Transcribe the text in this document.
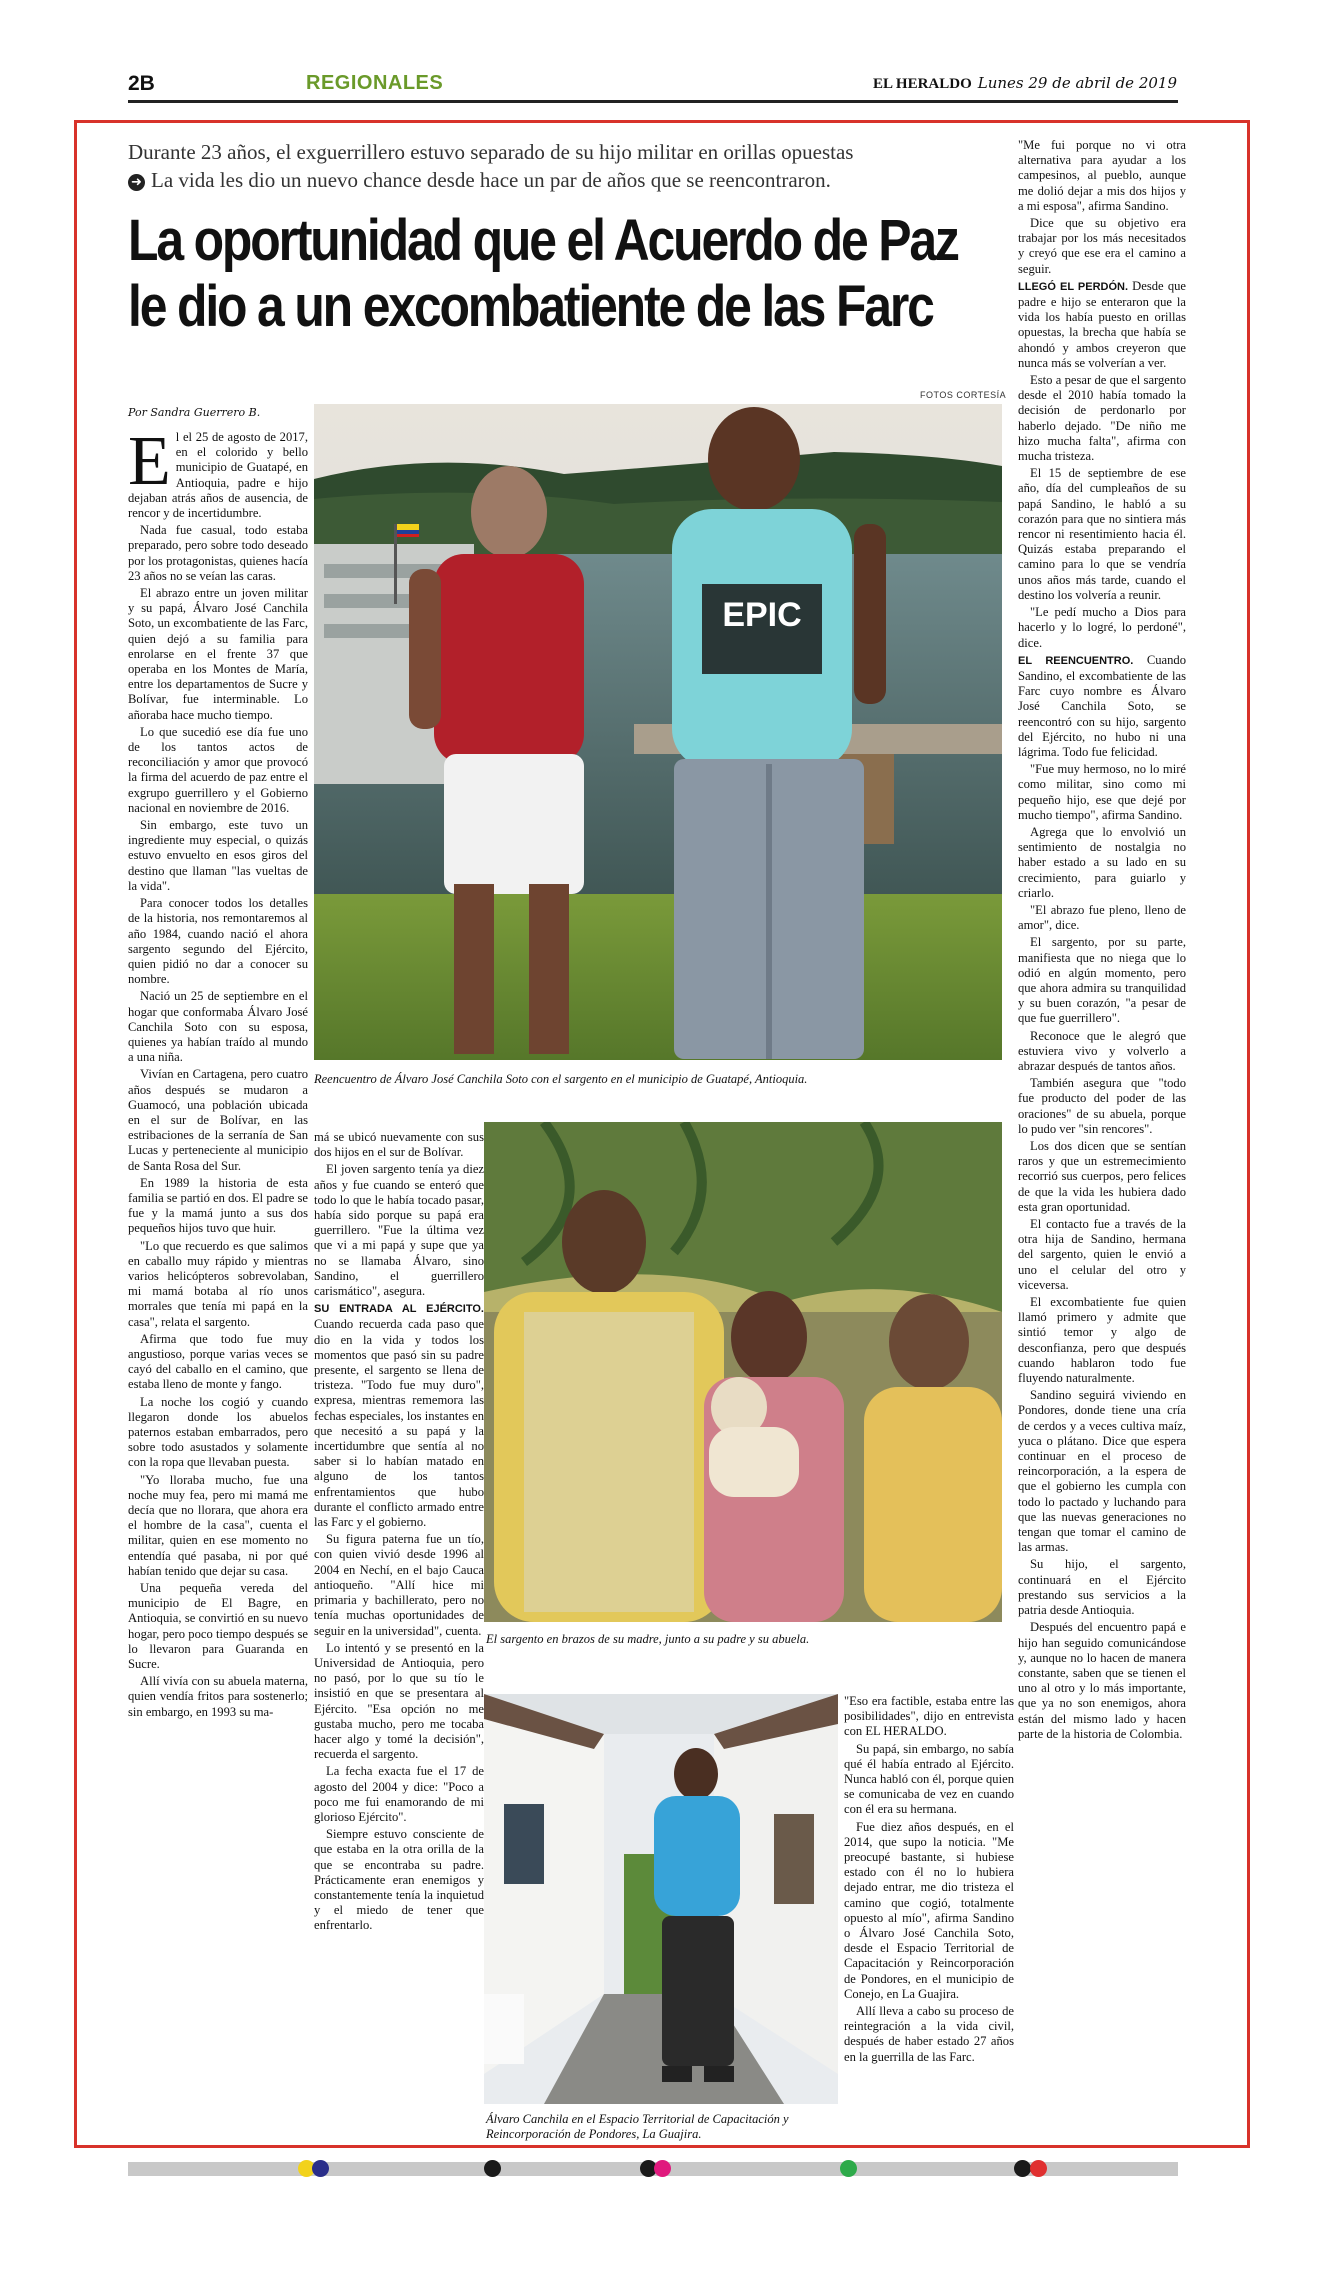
2B	REGIONALES	EL HERALDO Lunes 29 de abril de 2019
Durante 23 años, el exguerrillero estuvo separado de su hijo militar en orillas opuestas
➜ La vida les dio un nuevo chance desde hace un par de años que se reencontraron.
La oportunidad que el Acuerdo de Paz
le dio a un excombatiente de las Farc
FOTOS CORTESÍA
Por Sandra Guerrero B.
E l el 25 de agosto de 2017, en el colorido y bello municipio de Guatapé, en Antioquia, padre e hijo dejaban atrás años de ausencia, de rencor y de incertidumbre.

Nada fue casual, todo estaba preparado, pero sobre todo deseado por los protagonistas, quienes hacía 23 años no se veían las caras.

El abrazo entre un joven militar y su papá, Álvaro José Canchila Soto, un excombatiente de las Farc, quien dejó a su familia para enrolarse en el frente 37 que operaba en los Montes de María, entre los departamentos de Sucre y Bolívar, fue interminable. Lo añoraba hace mucho tiempo.

Lo que sucedió ese día fue uno de los tantos actos de reconciliación y amor que provocó la firma del acuerdo de paz entre el exgrupo guerrillero y el Gobierno nacional en noviembre de 2016.

Sin embargo, este tuvo un ingrediente muy especial, o quizás estuvo envuelto en esos giros del destino que llaman "las vueltas de la vida".

Para conocer todos los detalles de la historia, nos remontaremos al año 1984, cuando nació el ahora sargento segundo del Ejército, quien pidió no dar a conocer su nombre.

Nació un 25 de septiembre en el hogar que conformaba Álvaro José Canchila Soto con su esposa, quienes ya habían traído al mundo a una niña.

Vivían en Cartagena, pero cuatro años después se mudaron a Guamocó, una población ubicada en el sur de Bolívar, en las estribaciones de la serranía de San Lucas y perteneciente al municipio de Santa Rosa del Sur.

En 1989 la historia de esta familia se partió en dos. El padre se fue y la mamá junto a sus dos pequeños hijos tuvo que huir.

"Lo que recuerdo es que salimos en caballo muy rápido y mientras varios helicópteros sobrevolaban, mi mamá botaba al río unos morrales que tenía mi papá en la casa", relata el sargento.

Afirma que todo fue muy angustioso, porque varias veces se cayó del caballo en el camino, que estaba lleno de monte y fango.

La noche los cogió y cuando llegaron donde los abuelos paternos estaban embarrados, pero sobre todo asustados y solamente con la ropa que llevaban puesta.

"Yo lloraba mucho, fue una noche muy fea, pero mi mamá me decía que no llorara, que ahora era el hombre de la casa", cuenta el militar, quien en ese momento no entendía qué pasaba, ni por qué habían tenido que dejar su casa.

Una pequeña vereda del municipio de El Bagre, en Antioquia, se convirtió en su nuevo hogar, pero poco tiempo después se lo llevaron para Guaranda en Sucre.

Allí vivía con su abuela materna, quien vendía fritos para sostenerlo; sin embargo, en 1993 su ma-

EPIC
Reencuentro de Álvaro José Canchila Soto con el sargento en el municipio de Guatapé, Antioquia.

má se ubicó nuevamente con sus dos hijos en el sur de Bolívar.

El joven sargento tenía ya diez años y fue cuando se enteró que todo lo que le había tocado pasar, había sido porque su papá era guerrillero. "Fue la última vez que vi a mi papá y supe que ya no se llamaba Álvaro, sino Sandino, el guerrillero carismático", asegura.

SU ENTRADA AL EJÉRCITO. Cuando recuerda cada paso que dio en la vida y todos los momentos que pasó sin su padre presente, el sargento se llena de tristeza. "Todo fue muy duro", expresa, mientras rememora las fechas especiales, los instantes en que necesitó a su papá y la incertidumbre que sentía al no saber si lo habían matado en alguno de los tantos enfrentamientos que hubo durante el conflicto armado entre las Farc y el gobierno.

Su figura paterna fue un tío, con quien vivió desde 1996 al 2004 en Nechí, en el bajo Cauca antioqueño. "Allí hice mi primaria y bachillerato, pero no tenía muchas oportunidades de seguir en la universidad", cuenta.

Lo intentó y se presentó en la Universidad de Antioquia, pero no pasó, por lo que su tío le insistió en que se presentara al Ejército. "Esa opción no me gustaba mucho, pero me tocaba hacer algo y tomé la decisión", recuerda el sargento.

La fecha exacta fue el 17 de agosto del 2004 y dice: "Poco a poco me fui enamorando de mi glorioso Ejército".

Siempre estuvo consciente de que estaba en la otra orilla de la que se encontraba su padre. Prácticamente eran enemigos y constantemente tenía la inquietud y el miedo de tener que enfrentarlo.

El sargento en brazos de su madre, junto a su padre y su abuela.
Álvaro Canchila en el Espacio Territorial de Capacitación y Reincorporación de Pondores, La Guajira.

"Eso era factible, estaba entre las posibilidades", dijo en entrevista con EL HERALDO.

Su papá, sin embargo, no sabía qué él había entrado al Ejército. Nunca habló con él, porque quien se comunicaba de vez en cuando con él era su hermana.

Fue diez años después, en el 2014, que supo la noticia. "Me preocupé bastante, si hubiese estado con él no lo hubiera dejado entrar, me dio tristeza el camino que cogió, totalmente opuesto al mío", afirma Sandino o Álvaro José Canchila Soto, desde el Espacio Territorial de Capacitación y Reincorporación de Pondores, en el municipio de Conejo, en La Guajira.

Allí lleva a cabo su proceso de reintegración a la vida civil, después de haber estado 27 años en la guerrilla de las Farc.

"Me fui porque no vi otra alternativa para ayudar a los campesinos, al pueblo, aunque me dolió dejar a mis dos hijos y a mi esposa", afirma Sandino.

Dice que su objetivo era trabajar por los más necesitados y creyó que ese era el camino a seguir.

LLEGÓ EL PERDÓN. Desde que padre e hijo se enteraron que la vida los había puesto en orillas opuestas, la brecha que había se ahondó y ambos creyeron que nunca más se volverían a ver.

Esto a pesar de que el sargento desde el 2010 había tomado la decisión de perdonarlo por haberlo dejado. "De niño me hizo mucha falta", afirma con mucha tristeza.

El 15 de septiembre de ese año, día del cumpleaños de su papá Sandino, le habló a su corazón para que no sintiera más rencor ni resentimiento hacia él. Quizás estaba preparando el camino para lo que se vendría unos años más tarde, cuando el destino los volvería a reunir.

"Le pedí mucho a Dios para hacerlo y lo logré, lo perdoné", dice.

EL REENCUENTRO. Cuando Sandino, el excombatiente de las Farc cuyo nombre es Álvaro José Canchila Soto, se reencontró con su hijo, sargento del Ejército, no hubo ni una lágrima. Todo fue felicidad.

"Fue muy hermoso, no lo miré como militar, sino como mi pequeño hijo, ese que dejé por mucho tiempo", afirma Sandino.

Agrega que lo envolvió un sentimiento de nostalgia no haber estado a su lado en su crecimiento, para guiarlo y criarlo.

"El abrazo fue pleno, lleno de amor", dice.

El sargento, por su parte, manifiesta que no niega que lo odió en algún momento, pero que ahora admira su tranquilidad y su buen corazón, "a pesar de que fue guerrillero".

Reconoce que le alegró que estuviera vivo y volverlo a abrazar después de tantos años.

También asegura que "todo fue producto del poder de las oraciones" de su abuela, porque lo pudo ver "sin rencores".

Los dos dicen que se sentían raros y que un estremecimiento recorrió sus cuerpos, pero felices de que la vida les hubiera dado esta gran oportunidad.

El contacto fue a través de la otra hija de Sandino, hermana del sargento, quien le envió a uno el celular del otro y viceversa.

El excombatiente fue quien llamó primero y admite que sintió temor y algo de desconfianza, pero que después cuando hablaron todo fue fluyendo naturalmente.

Sandino seguirá viviendo en Pondores, donde tiene una cría de cerdos y a veces cultiva maíz, yuca o plátano. Dice que espera continuar en el proceso de reincorporación, a la espera de que el gobierno les cumpla con todo lo pactado y luchando para que las nuevas generaciones no tengan que tomar el camino de las armas.

Su hijo, el sargento, continuará en el Ejército prestando sus servicios a la patria desde Antioquia.

Después del encuentro papá e hijo han seguido comunicándose y, aunque no lo hacen de manera constante, saben que se tienen el uno al otro y lo más importante, que ya no son enemigos, ahora están del mismo lado y hacen parte de la historia de Colombia.
